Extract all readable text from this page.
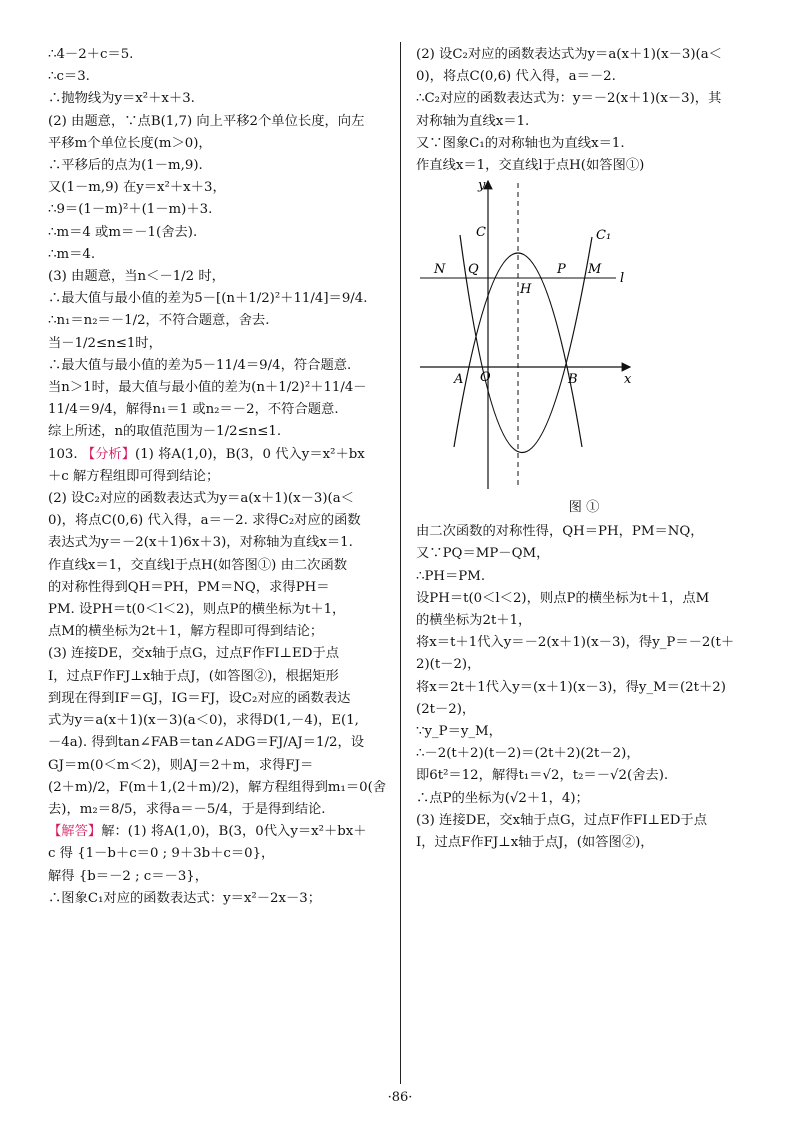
∴4－2＋c＝5.
∴c＝3.
∴抛物线为y＝x²＋x＋3.
(2) 由题意，∵点B(1,7) 向上平移2个单位长度，向左
平移m个单位长度(m＞0)，
∴平移后的点为(1－m,9).
又(1－m,9) 在y＝x²＋x＋3，
∴9＝(1－m)²＋(1－m)＋3.
∴m＝4 或m＝－1(舍去).
∴m＝4.
(3) 由题意，当n＜－1/2 时，
∴最大值与最小值的差为5－[(n＋1/2)²＋11/4]＝9/4.
∴n₁＝n₂＝－1/2，不符合题意，舍去.
当－1/2≤n≤1时，
∴最大值与最小值的差为5－11/4＝9/4，符合题意.
当n＞1时，最大值与最小值的差为(n＋1/2)²＋11/4－
11/4＝9/4，解得n₁＝1 或n₂＝－2，不符合题意.
综上所述，n的取值范围为－1/2≤n≤1.
103. 【分析】(1) 将A(1,0)，B(3，0 代入y＝x²＋bx
＋c 解方程组即可得到结论；
(2) 设C₂对应的函数表达式为y＝a(x＋1)(x－3)(a＜
0)，将点C(0,6) 代入得，a＝－2. 求得C₂对应的函数
表达式为y＝－2(x＋1)6x＋3)，对称轴为直线x＝1.
作直线x＝1，交直线l于点H(如答图①) 由二次函数
的对称性得到QH＝PH，PM＝NQ，求得PH＝
PM. 设PH＝t(0＜l＜2)，则点P的横坐标为t＋1，
点M的横坐标为2t＋1，解方程即可得到结论；
(3) 连接DE，交x轴于点G，过点F作FI⊥ED于点
I，过点F作FJ⊥x轴于点J，(如答图②)，根据矩形
到现在得到IF＝GJ，IG＝FJ，设C₂对应的函数表达
式为y＝a(x＋1)(x－3)(a＜0)，求得D(1,－4)，E(1,
－4a). 得到tan∠FAB＝tan∠ADG＝FJ/AJ＝1/2，设
GJ＝m(0＜m＜2)，则AJ＝2＋m，求得FJ＝
(2＋m)/2，F(m＋1,(2＋m)/2)，解方程组得到m₁＝0(舍
去)，m₂＝8/5，求得a＝－5/4，于是得到结论.
【解答】解：(1) 将A(1,0)，B(3，0代入y＝x²＋bx＋
c 得 {1－b＋c＝0 ; 9＋3b＋c＝0}，
解得 {b＝－2 ; c＝－3}，
∴图象C₁对应的函数表达式：y＝x²－2x－3；
(2) 设C₂对应的函数表达式为y＝a(x＋1)(x－3)(a＜
0)，将点C(0,6) 代入得，a＝－2.
∴C₂对应的函数表达式为：y＝－2(x＋1)(x－3)，其
对称轴为直线x＝1.
又∵图象C₁的对称轴也为直线x＝1.
作直线x＝1，交直线l于点H(如答图①)
y
x
C	C₁
N Q	P M
l
H
A O	B
图 ①
由二次函数的对称性得，QH＝PH，PM＝NQ，
又∵PQ＝MP－QM，
∴PH＝PM.
设PH＝t(0＜l＜2)，则点P的横坐标为t＋1，点M
的横坐标为2t＋1，
将x＝t＋1代入y＝－2(x＋1)(x－3)，得y_P＝－2(t＋
2)(t－2)，
将x＝2t＋1代入y＝(x＋1)(x－3)，得y_M＝(2t＋2)
(2t－2)，
∵y_P＝y_M，
∴－2(t＋2)(t－2)＝(2t＋2)(2t－2)，
即6t²＝12，解得t₁＝√2，t₂＝－√2(舍去).
∴点P的坐标为(√2＋1，4)；
(3) 连接DE，交x轴于点G，过点F作FI⊥ED于点
I，过点F作FJ⊥x轴于点J，(如答图②)，
·86·
